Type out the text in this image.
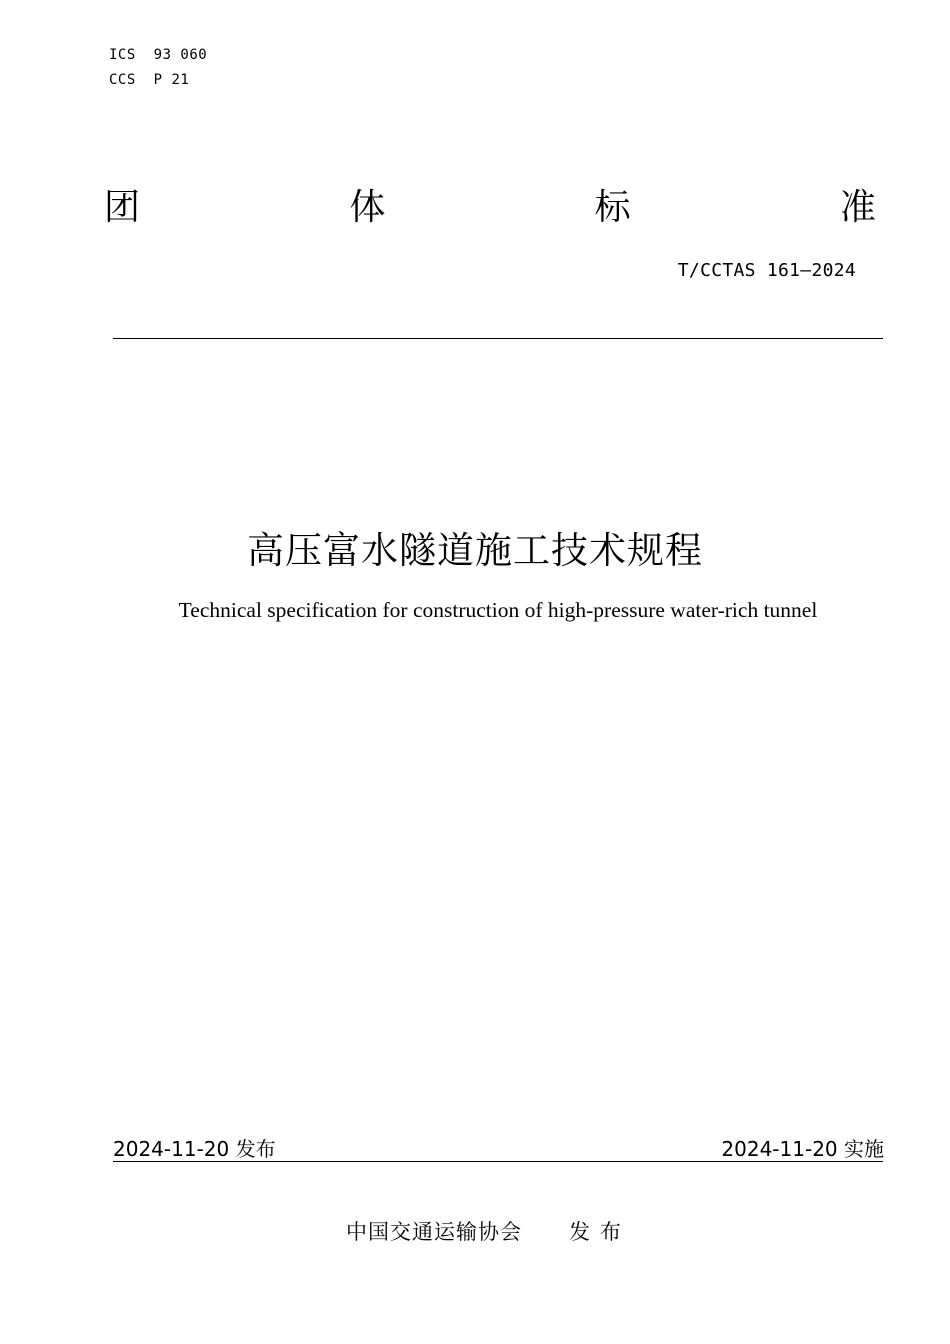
ICS  93 060
CCS  P 21
团	体	标	准
T/CCTAS 161—2024
高压富水隧道施工技术规程
Technical specification for construction of high-pressure water-rich tunnel
2024-11-20 发布	2024-11-20 实施
中国交通运输协会 发布
